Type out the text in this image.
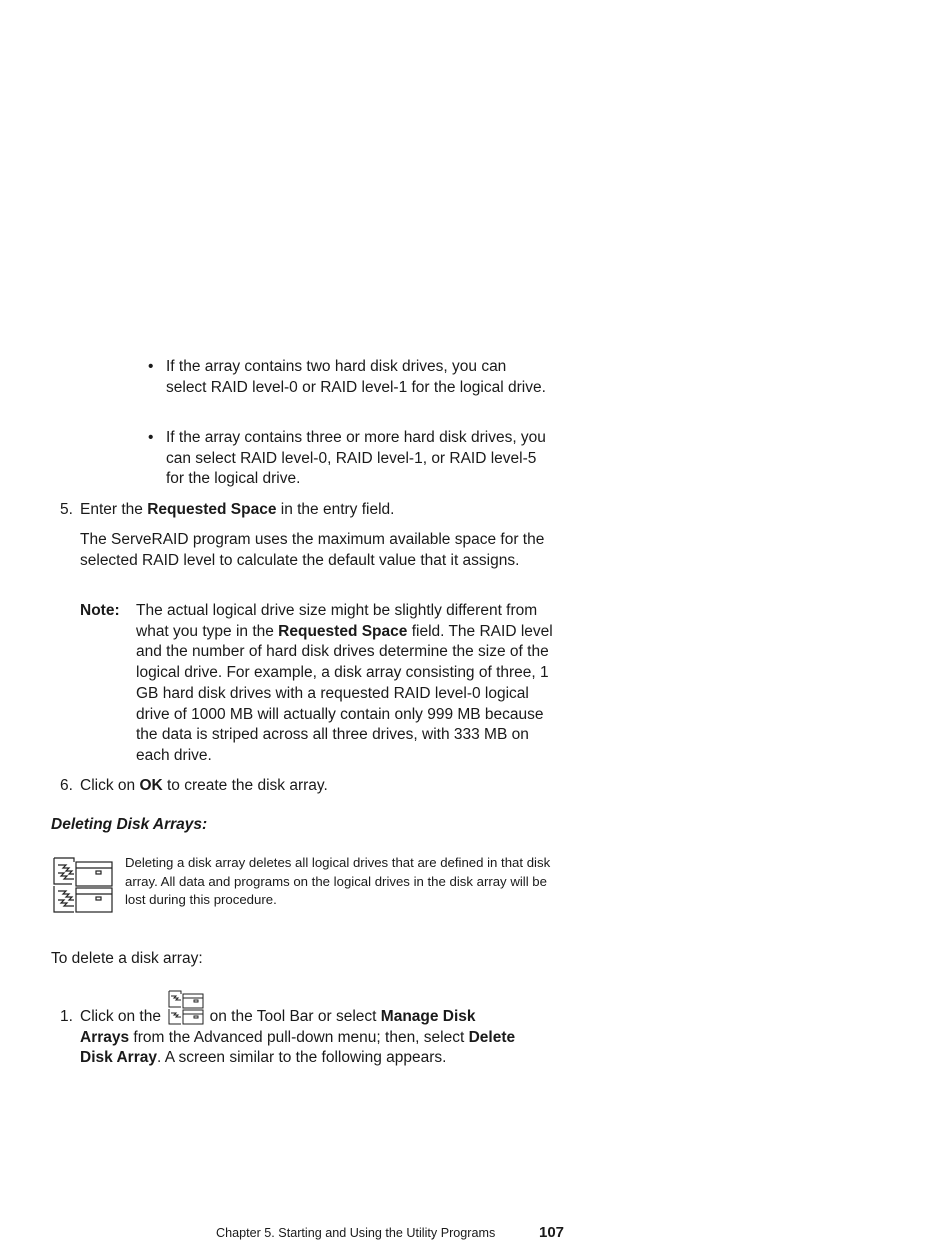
• If the array contains two hard disk drives, you can select RAID level-0 or RAID level-1 for the logical drive.
• If the array contains three or more hard disk drives, you can select RAID level-0, RAID level-1, or RAID level-5 for the logical drive.
5. Enter the Requested Space in the entry field.
The ServeRAID program uses the maximum available space for the selected RAID level to calculate the default value that it assigns.
Note: The actual logical drive size might be slightly different from what you type in the Requested Space field. The RAID level and the number of hard disk drives determine the size of the logical drive. For example, a disk array consisting of three, 1 GB hard disk drives with a requested RAID level-0 logical drive of 1000 MB will actually contain only 999 MB because the data is striped across all three drives, with 333 MB on each drive.
6. Click on OK to create the disk array.
Deleting Disk Arrays:
Deleting a disk array deletes all logical drives that are defined in that disk array. All data and programs on the logical drives in the disk array will be lost during this procedure.
To delete a disk array:
1. Click on the	on the Tool Bar or select Manage Disk
Arrays from the Advanced pull-down menu; then, select Delete
Disk Array. A screen similar to the following appears.
Chapter 5. Starting and Using the Utility Programs	107
